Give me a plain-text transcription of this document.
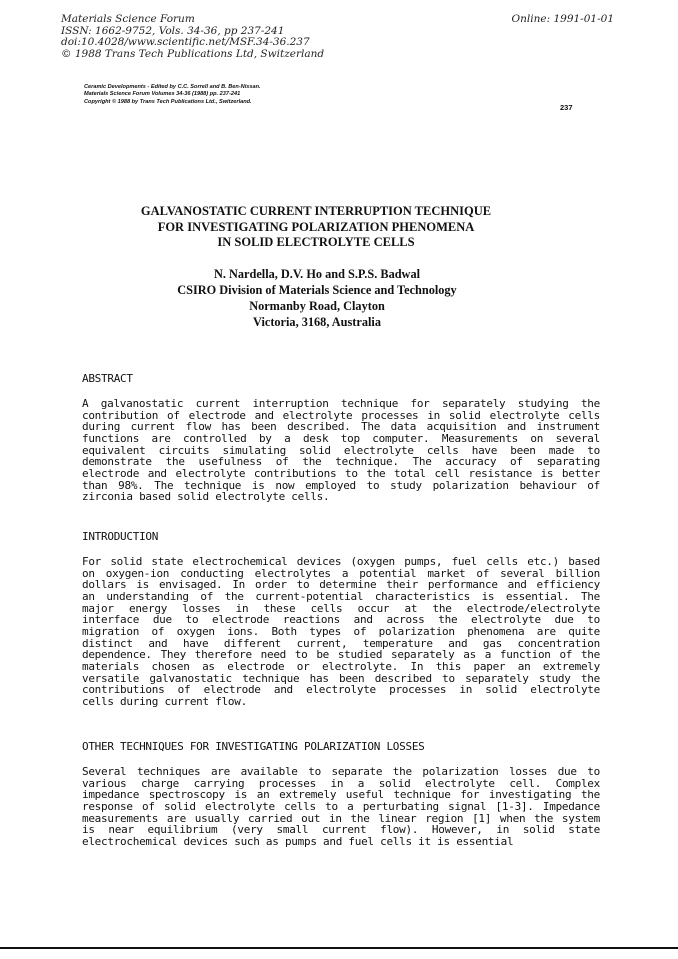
Materials Science Forum
ISSN: 1662-9752, Vols. 34-36, pp 237-241
doi:10.4028/www.scientific.net/MSF.34-36.237
© 1988 Trans Tech Publications Ltd, Switzerland
Online: 1991-01-01
Ceramic Developments - Edited by C.C. Sorrell and B. Ben-Nissan.
Materials Science Forum Volumes 34-36 (1988) pp. 237-241
Copyright © 1988 by Trans Tech Publications Ltd., Switzerland.
237
GALVANOSTATIC CURRENT INTERRUPTION TECHNIQUE
FOR INVESTIGATING POLARIZATION PHENOMENA
IN SOLID ELECTROLYTE CELLS
N. Nardella, D.V. Ho and S.P.S. Badwal
CSIRO Division of Materials Science and Technology
Normanby Road, Clayton
Victoria, 3168, Australia
ABSTRACT
A galvanostatic current interruption technique for separately studying the
contribution of electrode and electrolyte processes in solid electrolyte cells
during current flow has been described. The data acquisition and instrument
functions are controlled by a desk top computer. Measurements on several
equivalent circuits simulating solid electrolyte cells have been made to
demonstrate the usefulness of the technique. The accuracy of separating
electrode and electrolyte contributions to the total cell resistance is better
than 98%. The technique is now employed to study polarization behaviour of
zirconia based solid electrolyte cells.
INTRODUCTION
For solid state electrochemical devices (oxygen pumps, fuel cells etc.) based
on oxygen-ion conducting electrolytes a potential market of several billion
dollars is envisaged. In order to determine their performance and efficiency
an understanding of the current-potential characteristics is essential. The
major energy losses in these cells occur at the electrode/electrolyte
interface due to electrode reactions and across the electrolyte due to
migration of oxygen ions. Both types of polarization phenomena are quite
distinct and have different current, temperature and gas concentration
dependence. They therefore need to be studied separately as a function of the
materials chosen as electrode or electrolyte. In this paper an extremely
versatile galvanostatic technique has been described to separately study the
contributions of electrode and electrolyte processes in solid electrolyte
cells during current flow.
OTHER TECHNIQUES FOR INVESTIGATING POLARIZATION LOSSES
Several techniques are available to separate the polarization losses due to
various charge carrying processes in a solid electrolyte cell. Complex
impedance spectroscopy is an extremely useful technique for investigating the
response of solid electrolyte cells to a perturbating signal [1-3]. Impedance
measurements are usually carried out in the linear region [1] when the system
is near equilibrium (very small current flow). However, in solid state
electrochemical devices such as pumps and fuel cells it is essential
